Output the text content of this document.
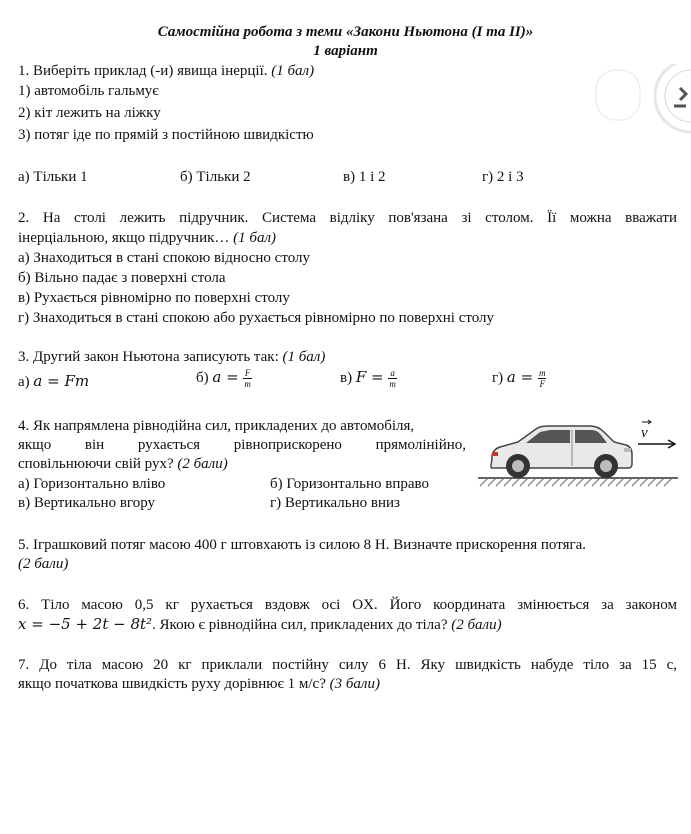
Самостійна робота з теми «Закони Ньютона (І та ІІ)»
1 варіант
1. Виберіть приклад (-и) явища інерції. (1 бал)
1) автомобіль гальмує
2) кіт лежить на ліжку
3) потяг іде по прямій з постійною швидкістю
а) Тільки 1	б) Тільки 2	в) 1 і 2	г) 2 і 3
2. На столі лежить підручник. Система відліку пов'язана зі столом. Її можна вважати
інерціальною, якщо підручник… (1 бал)
а) Знаходиться в стані спокою відносно столу
б) Вільно падає з поверхні стола
в) Рухається рівномірно по поверхні столу
г) Знаходиться в стані спокою або рухається рівномірно по поверхні столу
3. Другий закон Ньютона записують так: (1 бал)
а) a = Fm	б) $a = \frac{F}{m}$	в) $F = \frac{a}{m}$	г) $a = \frac{m}{F}$
4. Як напрямлена рівнодійна сил, прикладених до автомобіля,
якщо він рухається рівноприскорено прямолінійно,
сповільнюючи свій рух? (2 бали)
а) Горизонтально вліво	б) Горизонтально вправо
в) Вертикально вгору	г) Вертикально вниз
v
5. Іграшковий потяг масою 400 г штовхають із силою 8 Н. Визначте прискорення потяга.
(2 бали)
6. Тіло масою 0,5 кг рухається вздовж осі OX. Його координата змінюється за законом
x = −5 + 2t − 8t². Якою є рівнодійна сил, прикладених до тіла? (2 бали)
7. До тіла масою 20 кг приклали постійну силу 6 Н. Яку швидкість набуде тіло за 15 с,
якщо початкова швидкість руху дорівнює 1 м/с? (3 бали)
